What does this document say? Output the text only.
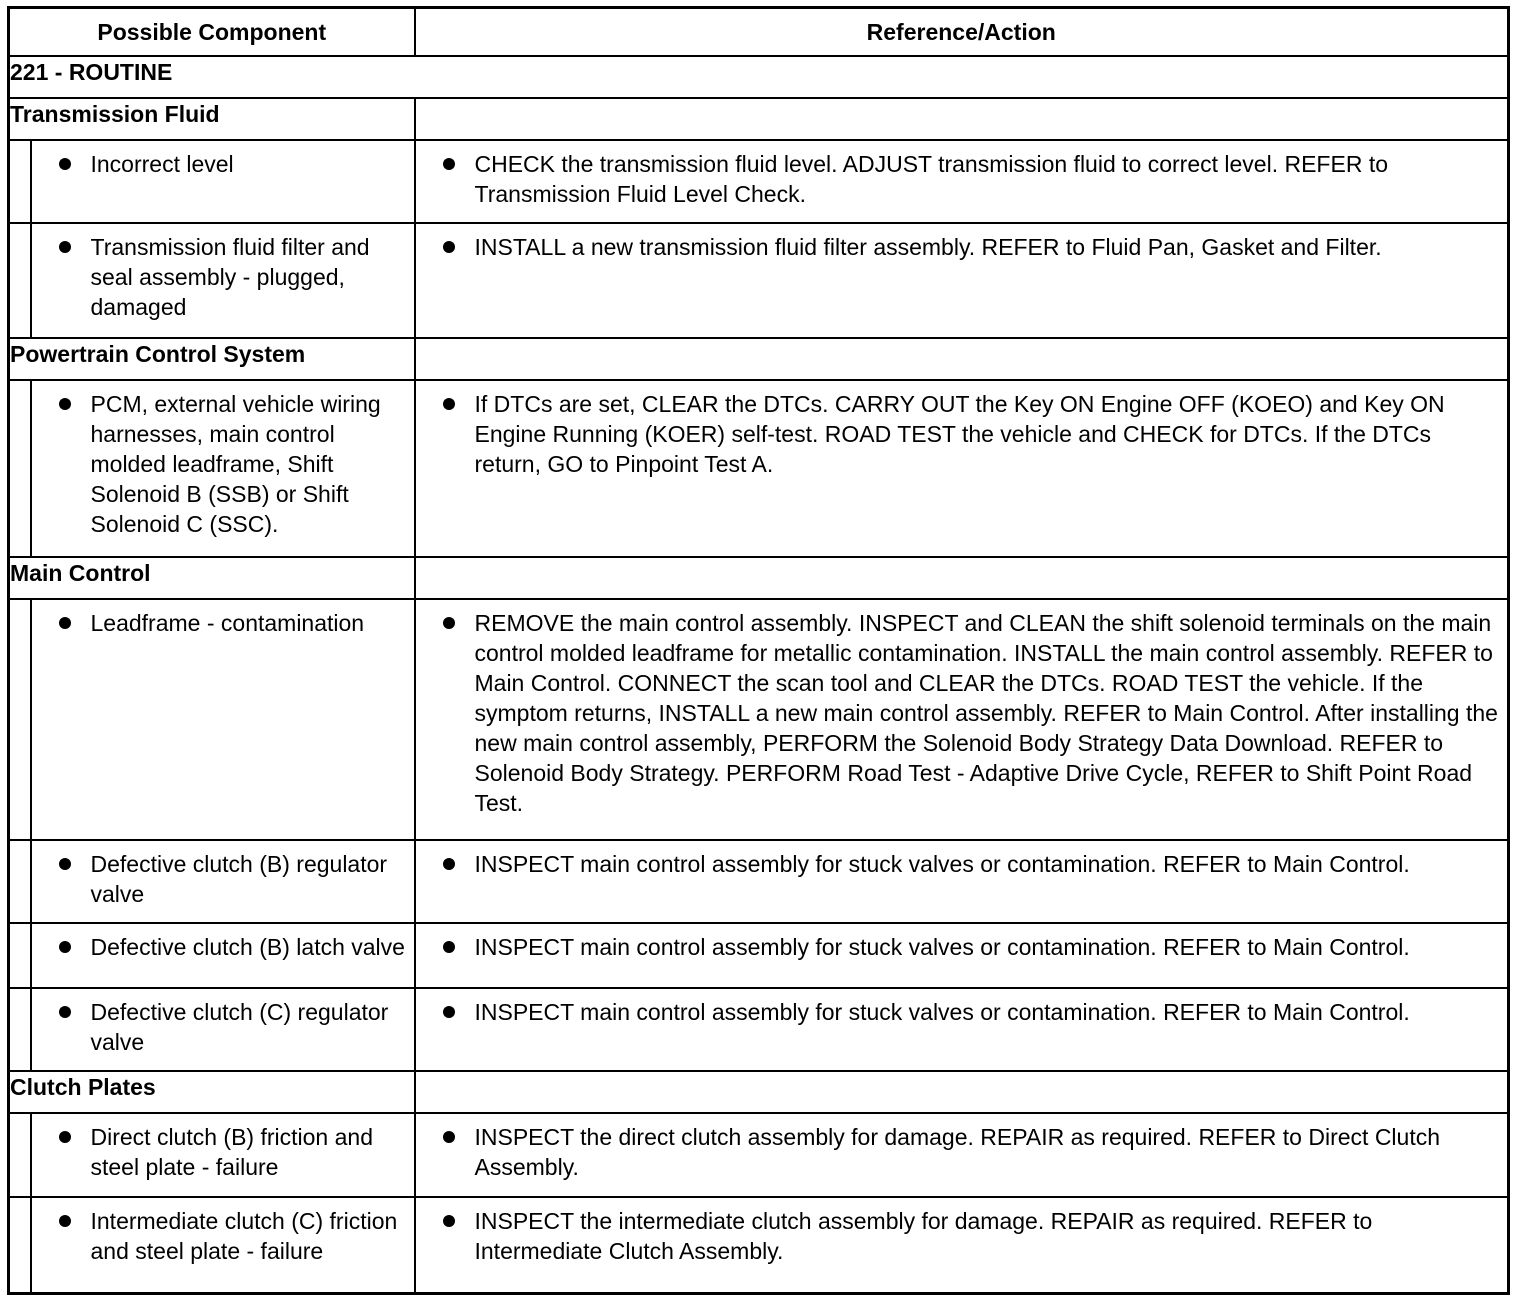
Possible Component		Reference/Action
221 - ROUTINE		
Transmission Fluid		

	Incorrect level	CHECK the transmission fluid level. ADJUST transmission fluid to correct level. REFER to Transmission Fluid Level Check.

	Transmission fluid filter and seal assembly - plugged, damaged	INSTALL a new transmission fluid filter assembly. REFER to Fluid Pan, Gasket and Filter.

Powertrain Control System		

	PCM, external vehicle wiring harnesses, main control molded leadframe, Shift Solenoid B (SSB) or Shift Solenoid C (SSC).	If DTCs are set, CLEAR the DTCs. CARRY OUT the Key ON Engine OFF (KOEO) and Key ON Engine Running (KOER) self-test. ROAD TEST the vehicle and CHECK for DTCs. If the DTCs return, GO to Pinpoint Test A.

Main Control		

	Leadframe - contamination	REMOVE the main control assembly. INSPECT and CLEAN the shift solenoid terminals on the main control molded leadframe for metallic contamination. INSTALL the main control assembly. REFER to Main Control. CONNECT the scan tool and CLEAR the DTCs. ROAD TEST the vehicle. If the symptom returns, INSTALL a new main control assembly. REFER to Main Control. After installing the new main control assembly, PERFORM the Solenoid Body Strategy Data Download. REFER to Solenoid Body Strategy. PERFORM Road Test - Adaptive Drive Cycle, REFER to Shift Point Road Test.

	Defective clutch (B) regulator valve	INSPECT main control assembly for stuck valves or contamination. REFER to Main Control.

	Defective clutch (B) latch valve	INSPECT main control assembly for stuck valves or contamination. REFER to Main Control.

	Defective clutch (C) regulator valve	INSPECT main control assembly for stuck valves or contamination. REFER to Main Control.

Clutch Plates		

	Direct clutch (B) friction and steel plate - failure	INSPECT the direct clutch assembly for damage. REPAIR as required. REFER to Direct Clutch Assembly.

	Intermediate clutch (C) friction and steel plate - failure	INSPECT the intermediate clutch assembly for damage. REPAIR as required. REFER to Intermediate Clutch Assembly.
